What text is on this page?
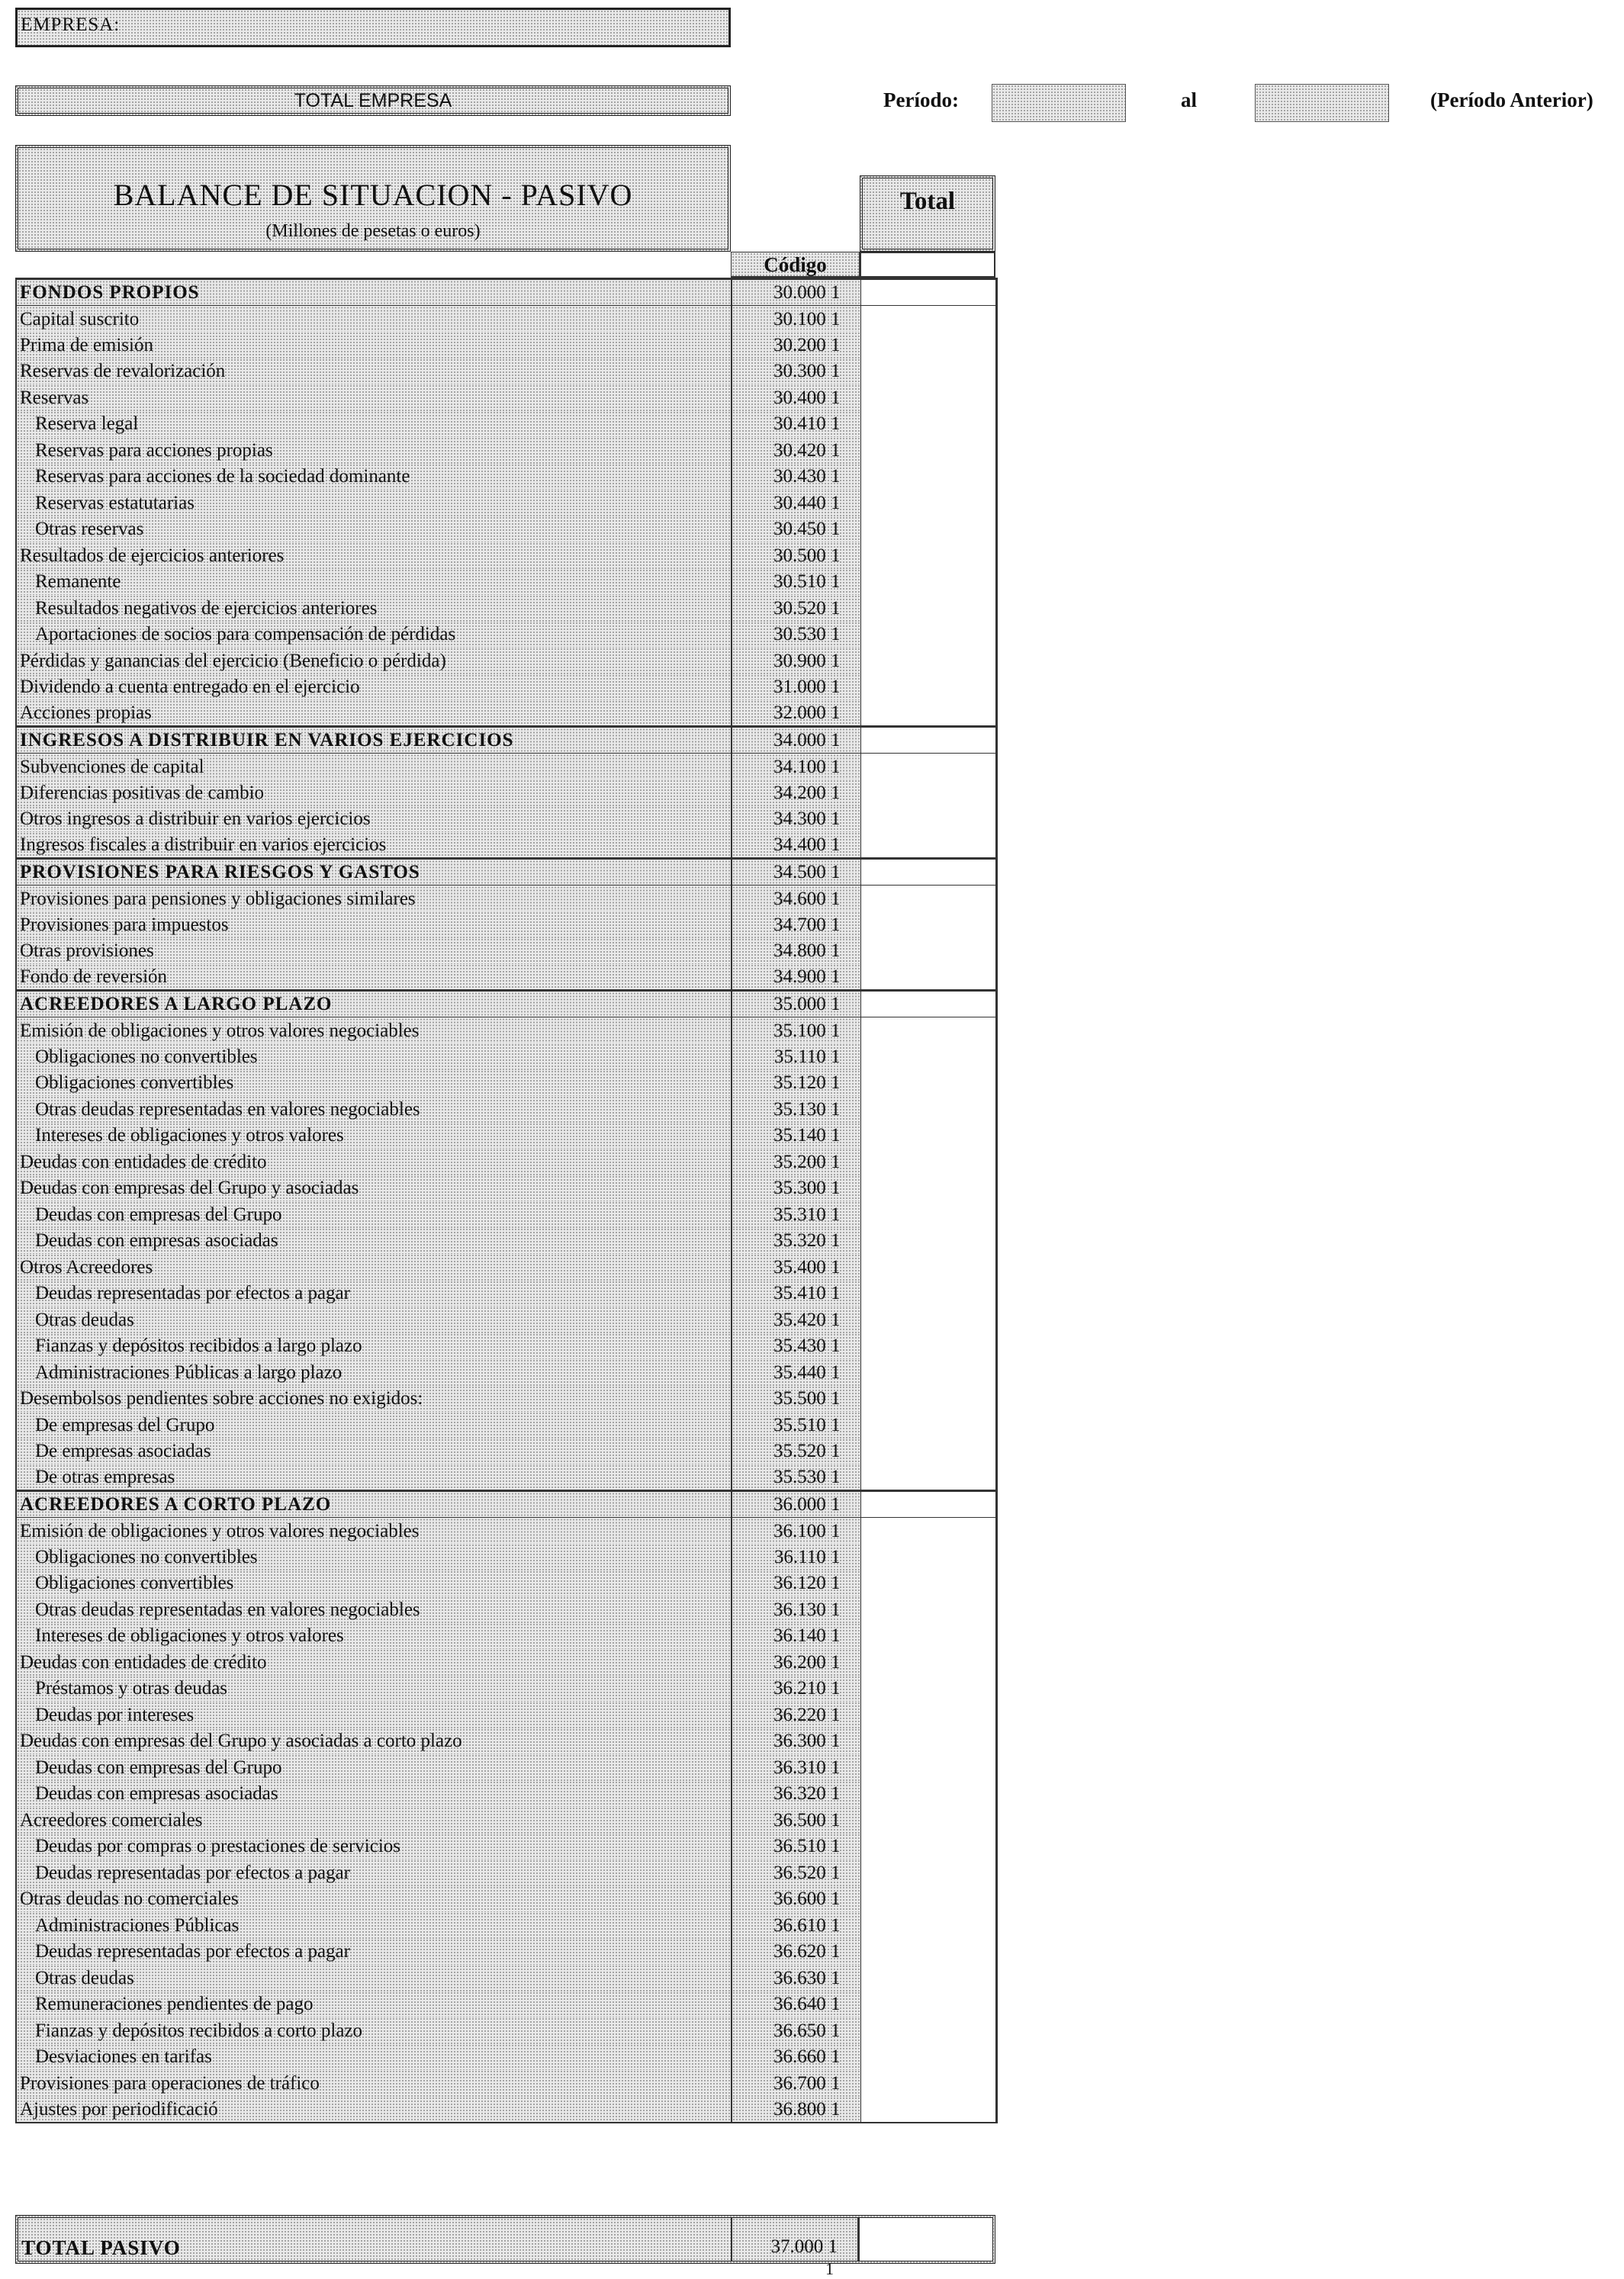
EMPRESA:
TOTAL EMPRESA	Período:	al	(Período Anterior)
BALANCE DE SITUACION - PASIVO
(Millones de pesetas o euros)
Total
Código
FONDOS PROPIOS	30.000 1	
Capital suscrito	30.100 1	
Prima de emisión	30.200 1	
Reservas de revalorización	30.300 1	
Reservas	30.400 1	
Reserva legal	30.410 1	
Reservas para acciones propias	30.420 1	
Reservas para acciones de la sociedad dominante	30.430 1	
Reservas estatutarias	30.440 1	
Otras reservas	30.450 1	
Resultados de ejercicios anteriores	30.500 1	
Remanente	30.510 1	
Resultados negativos de ejercicios anteriores	30.520 1	
Aportaciones de socios para compensación de pérdidas	30.530 1	
Pérdidas y ganancias del ejercicio (Beneficio o pérdida)	30.900 1	
Dividendo a cuenta entregado en el ejercicio	31.000 1	
Acciones propias	32.000 1	
INGRESOS A DISTRIBUIR EN VARIOS EJERCICIOS	34.000 1	
Subvenciones de capital	34.100 1	
Diferencias positivas de cambio	34.200 1	
Otros ingresos a distribuir en varios ejercicios	34.300 1	
Ingresos fiscales a distribuir en varios ejercicios	34.400 1	
PROVISIONES PARA RIESGOS Y GASTOS	34.500 1	
Provisiones para pensiones y obligaciones similares	34.600 1	
Provisiones para impuestos	34.700 1	
Otras provisiones	34.800 1	
Fondo de reversión	34.900 1	
ACREEDORES A LARGO PLAZO	35.000 1	
Emisión de obligaciones y otros valores negociables	35.100 1	
Obligaciones no convertibles	35.110 1	
Obligaciones convertibles	35.120 1	
Otras deudas representadas en valores negociables	35.130 1	
Intereses de obligaciones y otros valores	35.140 1	
Deudas con entidades de crédito	35.200 1	
Deudas con empresas del Grupo y asociadas	35.300 1	
Deudas con empresas del Grupo	35.310 1	
Deudas con empresas asociadas	35.320 1	
Otros Acreedores	35.400 1	
Deudas representadas por efectos a pagar	35.410 1	
Otras deudas	35.420 1	
Fianzas y depósitos recibidos a largo plazo	35.430 1	
Administraciones Públicas a largo plazo	35.440 1	
Desembolsos pendientes sobre acciones no exigidos:	35.500 1	
De empresas del Grupo	35.510 1	
De empresas asociadas	35.520 1	
De otras empresas	35.530 1	
ACREEDORES A CORTO PLAZO	36.000 1	
Emisión de obligaciones y otros valores negociables	36.100 1	
Obligaciones no convertibles	36.110 1	
Obligaciones convertibles	36.120 1	
Otras deudas representadas en valores negociables	36.130 1	
Intereses de obligaciones y otros valores	36.140 1	
Deudas con entidades de crédito	36.200 1	
Préstamos y otras deudas	36.210 1	
Deudas por intereses	36.220 1	
Deudas con empresas del Grupo y asociadas a corto plazo	36.300 1	
Deudas con empresas del Grupo	36.310 1	
Deudas con empresas asociadas	36.320 1	
Acreedores comerciales	36.500 1	
Deudas por compras o prestaciones de servicios	36.510 1	
Deudas representadas por efectos a pagar	36.520 1	
Otras deudas no comerciales	36.600 1	
Administraciones Públicas	36.610 1	
Deudas representadas por efectos a pagar	36.620 1	
Otras deudas	36.630 1	
Remuneraciones pendientes de pago	36.640 1	
Fianzas y depósitos recibidos a corto plazo	36.650 1	
Desviaciones en tarifas	36.660 1	
Provisiones para operaciones de tráfico	36.700 1	
Ajustes por periodificació	36.800 1	
TOTAL PASIVO	37.000 1
1
